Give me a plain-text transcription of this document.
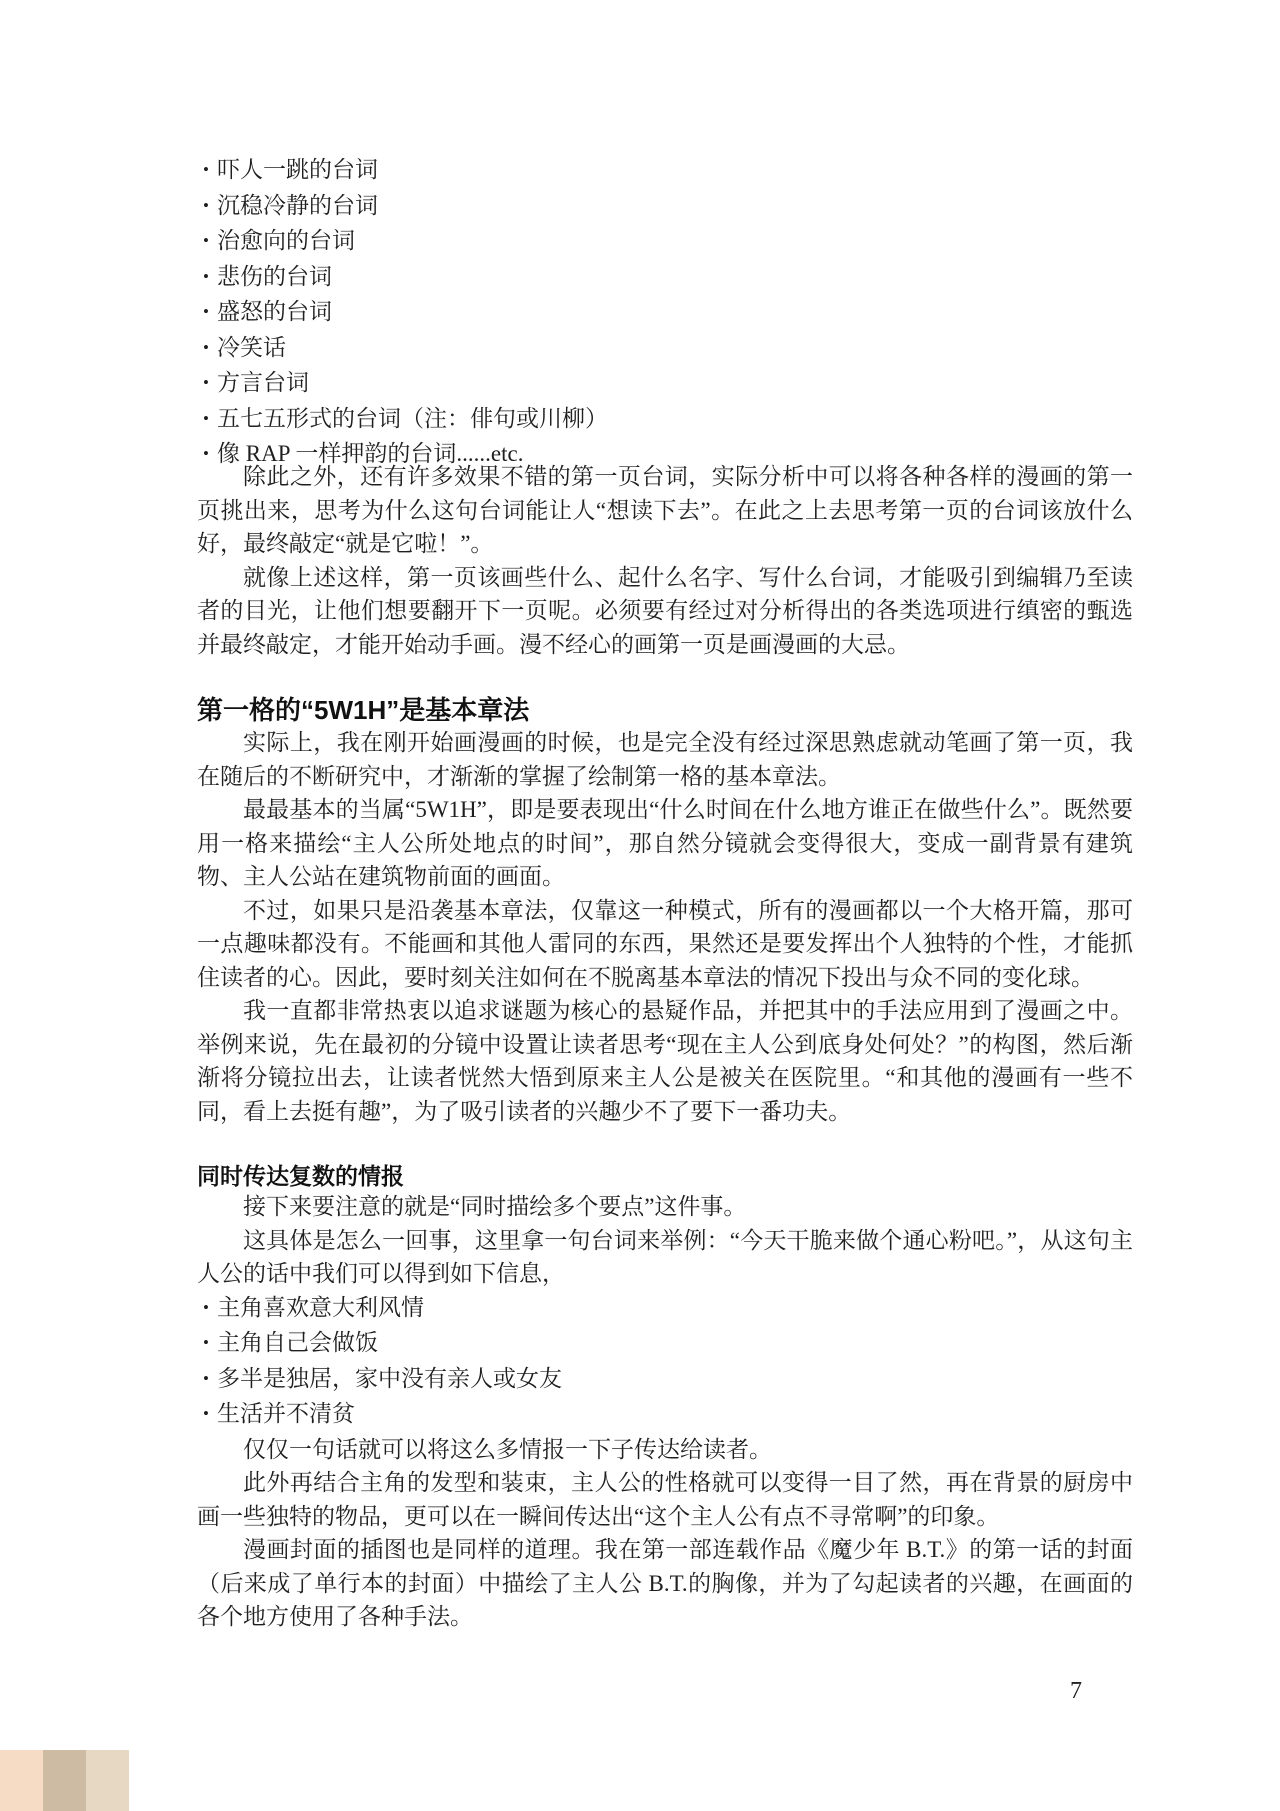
• 吓人一跳的台词
• 沉稳冷静的台词
• 治愈向的台词
• 悲伤的台词
• 盛怒的台词
• 冷笑话
• 方言台词
• 五七五形式的台词（注：俳句或川柳）
• 像 RAP 一样押韵的台词......etc.

除此之外，还有许多效果不错的第一页台词，实际分析中可以将各种各样的漫画的第一页挑出来，思考为什么这句台词能让人“想读下去”。在此之上去思考第一页的台词该放什么好，最终敲定“就是它啦！”。

就像上述这样，第一页该画些什么、起什么名字、写什么台词，才能吸引到编辑乃至读者的目光，让他们想要翻开下一页呢。必须要有经过对分析得出的各类选项进行缜密的甄选并最终敲定，才能开始动手画。漫不经心的画第一页是画漫画的大忌。

第一格的“5W1H”是基本章法

实际上，我在刚开始画漫画的时候，也是完全没有经过深思熟虑就动笔画了第一页，我在随后的不断研究中，才渐渐的掌握了绘制第一格的基本章法。

最最基本的当属“5W1H”，即是要表现出“什么时间在什么地方谁正在做些什么”。既然要用一格来描绘“主人公所处地点的时间”，那自然分镜就会变得很大，变成一副背景有建筑物、主人公站在建筑物前面的画面。

不过，如果只是沿袭基本章法，仅靠这一种模式，所有的漫画都以一个大格开篇，那可一点趣味都没有。不能画和其他人雷同的东西，果然还是要发挥出个人独特的个性，才能抓住读者的心。因此，要时刻关注如何在不脱离基本章法的情况下投出与众不同的变化球。

我一直都非常热衷以追求谜题为核心的悬疑作品，并把其中的手法应用到了漫画之中。举例来说，先在最初的分镜中设置让读者思考“现在主人公到底身处何处？”的构图，然后渐渐将分镜拉出去，让读者恍然大悟到原来主人公是被关在医院里。“和其他的漫画有一些不同，看上去挺有趣”，为了吸引读者的兴趣少不了要下一番功夫。

同时传达复数的情报

接下来要注意的就是“同时描绘多个要点”这件事。

这具体是怎么一回事，这里拿一句台词来举例：“今天干脆来做个通心粉吧。”，从这句主人公的话中我们可以得到如下信息，

• 主角喜欢意大利风情
• 主角自己会做饭
• 多半是独居，家中没有亲人或女友
• 生活并不清贫

仅仅一句话就可以将这么多情报一下子传达给读者。

此外再结合主角的发型和装束，主人公的性格就可以变得一目了然，再在背景的厨房中画一些独特的物品，更可以在一瞬间传达出“这个主人公有点不寻常啊”的印象。

漫画封面的插图也是同样的道理。我在第一部连载作品《魔少年 B.T.》的第一话的封面（后来成了单行本的封面）中描绘了主人公 B.T.的胸像，并为了勾起读者的兴趣，在画面的各个地方使用了各种手法。

7
